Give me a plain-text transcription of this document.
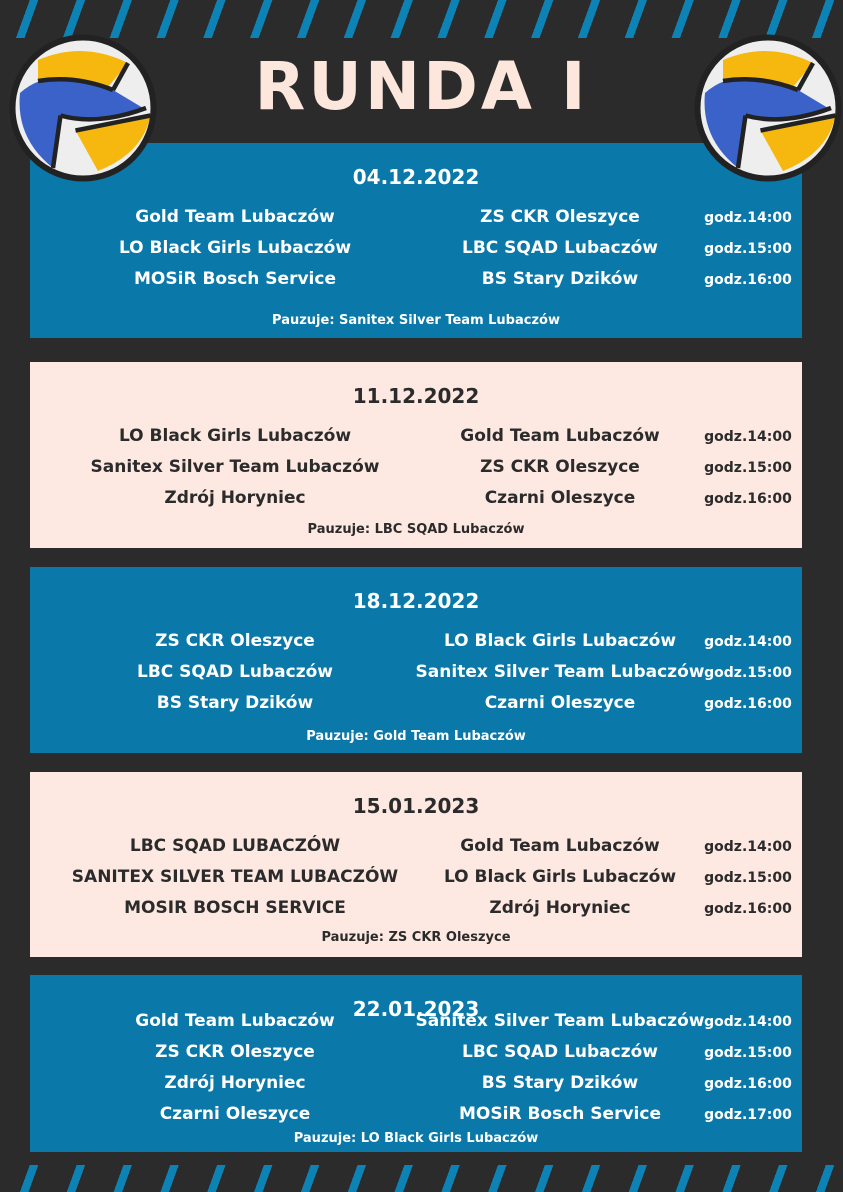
RUNDA I
04.12.2022
Gold Team Lubaczów	ZS CKR Oleszyce	godz.14:00
LO Black Girls Lubaczów	LBC SQAD Lubaczów	godz.15:00
MOSiR Bosch Service	BS Stary Dzików	godz.16:00
Pauzuje: Sanitex Silver Team Lubaczów
11.12.2022
LO Black Girls Lubaczów	Gold Team Lubaczów	godz.14:00
Sanitex Silver Team Lubaczów	ZS CKR Oleszyce	godz.15:00
Zdrój Horyniec	Czarni Oleszyce	godz.16:00
Pauzuje: LBC SQAD Lubaczów
18.12.2022
ZS CKR Oleszyce	LO Black Girls Lubaczów	godz.14:00
LBC SQAD Lubaczów	Sanitex Silver Team Lubaczów godz.15:00
BS Stary Dzików	Czarni Oleszyce	godz.16:00
Pauzuje: Gold Team Lubaczów
15.01.2023
LBC SQAD LUBACZÓW	Gold Team Lubaczów	godz.14:00
SANITEX SILVER TEAM LUBACZÓW	LO Black Girls Lubaczów	godz.15:00
MOSIR BOSCH SERVICE	Zdrój Horyniec	godz.16:00
Pauzuje: ZS CKR Oleszyce
22.01.2023
Gold Team Lubaczów	Sanitex Silver Team Lubaczów godz.14:00
ZS CKR Oleszyce	LBC SQAD Lubaczów	godz.15:00
Zdrój Horyniec	BS Stary Dzików	godz.16:00
Czarni Oleszyce	MOSiR Bosch Service	godz.17:00
Pauzuje: LO Black Girls Lubaczów
